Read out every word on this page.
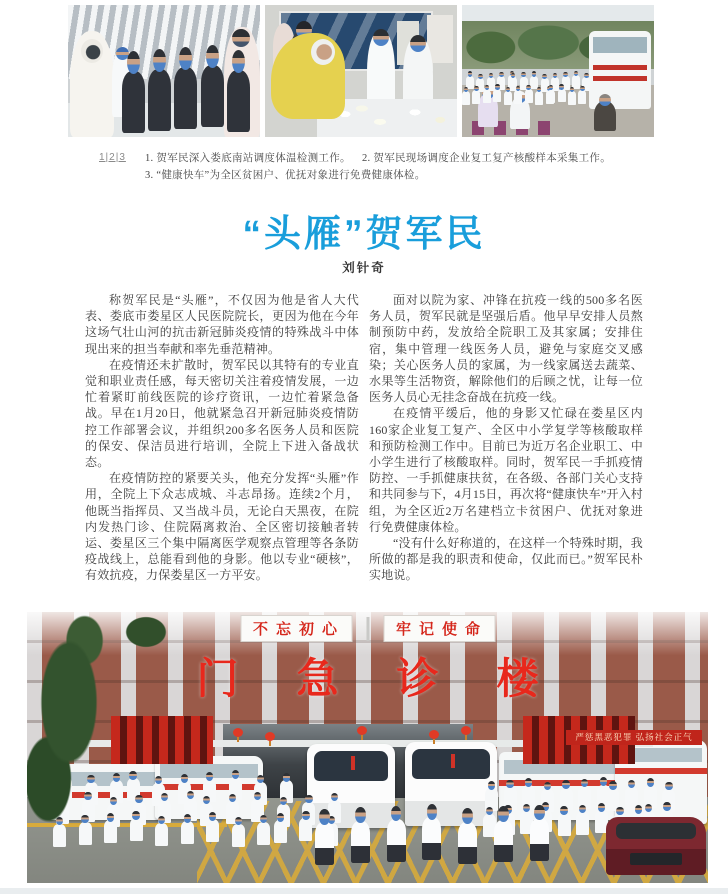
1|2|3 1. 贺军民深入娄底南站调度体温检测工作。 2. 贺军民现场调度企业复工复产核酸样本采集工作。
3. “健康快车”为全区贫困户、优抚对象进行免费健康体检。
“头雁”贺军民
刘针奇

称贺军民是“头雁”，不仅因为他是省人大代表、娄底市娄星区人民医院院长，更因为他在今年这场气壮山河的抗击新冠肺炎疫情的特殊战斗中体现出来的担当奉献和率先垂范精神。

在疫情还未扩散时，贺军民以其特有的专业直觉和职业责任感，每天密切关注着疫情发展，一边忙着紧盯前线医院的诊疗资讯，一边忙着紧急备战。早在1月20日，他就紧急召开新冠肺炎疫情防控工作部署会议，并组织200多名医务人员和医院的保安、保洁员进行培训，全院上下进入备战状态。

在疫情防控的紧要关头，他充分发挥“头雁”作用，全院上下众志成城、斗志昂扬。连续2个月，他既当指挥员、又当战斗员，无论白天黑夜，在院内发热门诊、住院隔离救治、全区密切接触者转运、娄星区三个集中隔离医学观察点管理等各条防疫战线上，总能看到他的身影。他以专业“硬核”，有效抗疫，力保娄星区一方平安。

面对以院为家、冲锋在抗疫一线的500多名医务人员，贺军民就是坚强后盾。他早早安排人员熬制预防中药，发放给全院职工及其家属；安排住宿，集中管理一线医务人员，避免与家庭交叉感染；关心医务人员的家属，为一线家属送去蔬菜、水果等生活物资，解除他们的后顾之忧，让每一位医务人员心无挂念奋战在抗疫一线。

在疫情平缓后，他的身影又忙碌在娄星区内160家企业复工复产、全区中小学复学等核酸取样和预防检测工作中。目前已为近万名企业职工、中小学生进行了核酸取样。同时，贺军民一手抓疫情防控、一手抓健康扶贫，在各级、各部门关心支持和共同参与下，4月15日，再次将“健康快车”开入村组，为全区近2万名建档立卡贫困户、优抚对象进行免费健康体检。

“没有什么好称道的，在这样一个特殊时期，我所做的都是我的职责和使命，仅此而已。”贺军民朴实地说。

不忘初心	牢记使命
门急诊楼
严惩黑恶犯罪 弘扬社会正气
